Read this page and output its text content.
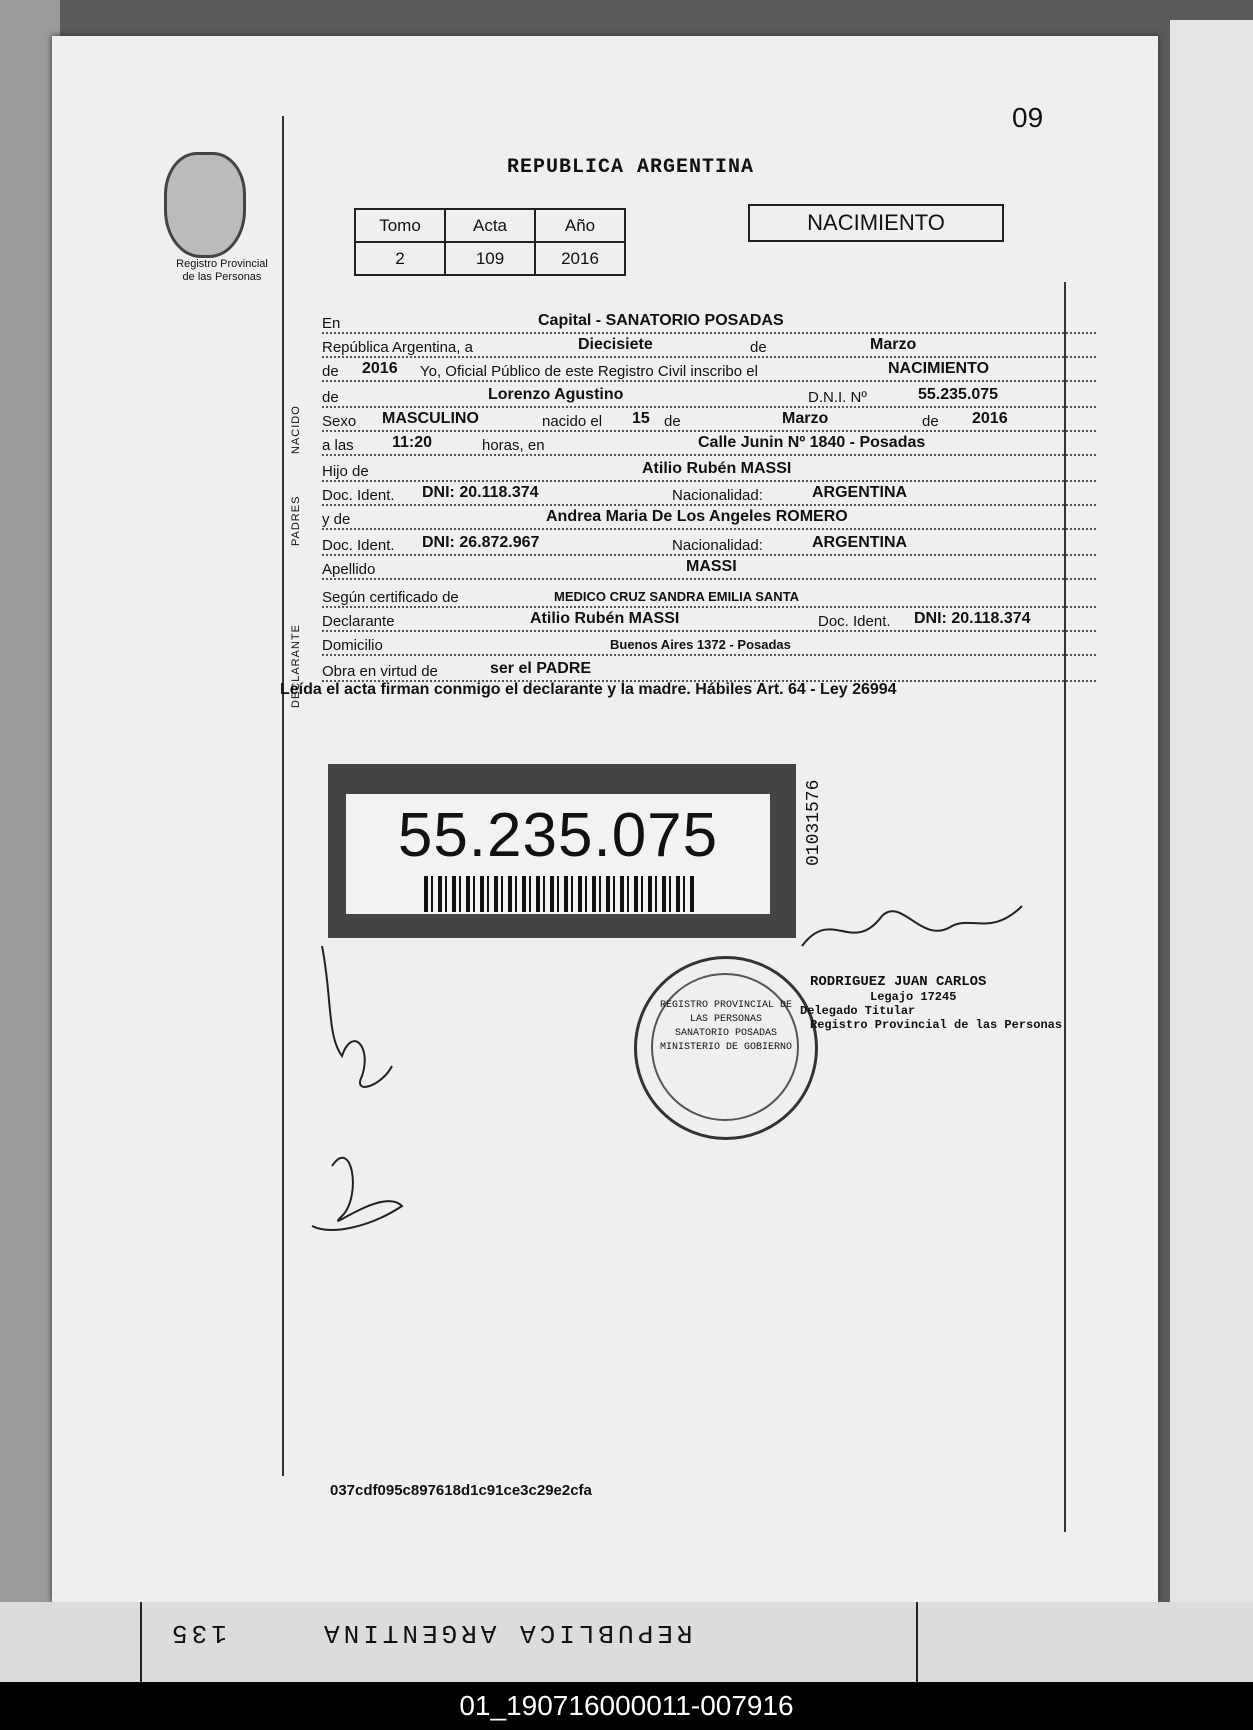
09
Registro Provincial
de las Personas
REPUBLICA ARGENTINA
Tomo	Acta	Año
2	109	2016
NACIMIENTO
NACIDO
PADRES
DECLARANTE
En	Capital - SANATORIO POSADAS
República Argentina, a	Diecisiete	de	Marzo
de 2016 Yo, Oficial Público de este Registro Civil inscribo el	NACIMIENTO
de	Lorenzo Agustino	D.N.I. Nº	55.235.075
Sexo MASCULINO	nacido el 15 de	Marzo	de 2016
a las 11:20	horas, en	Calle Junin Nº 1840 - Posadas
Hijo de	Atilio Rubén MASSI
Doc. Ident. DNI: 20.118.374	Nacionalidad:	ARGENTINA
y de	Andrea Maria De Los Angeles ROMERO
Doc. Ident. DNI: 26.872.967	Nacionalidad:	ARGENTINA
Apellido	MASSI
Según certificado de	MEDICO CRUZ SANDRA EMILIA SANTA
Declarante	Atilio Rubén MASSI	Doc. Ident. DNI: 20.118.374
Domicilio	Buenos Aires 1372 - Posadas
Obra en virtud de	ser el PADRE
Leída el acta firman conmigo el declarante y la madre. Hábiles Art. 64 - Ley 26994
55.235.075	01031576
REGISTRO PROVINCIAL DE LAS PERSONAS
SANATORIO POSADAS
MINISTERIO DE GOBIERNO
RODRIGUEZ JUAN CARLOS
Legajo 17245
Delegado Titular
Registro Provincial de las Personas
037cdf095c897618d1c91ce3c29e2cfa
135	REPUBLICA ARGENTINA
01_190716000011-007916
